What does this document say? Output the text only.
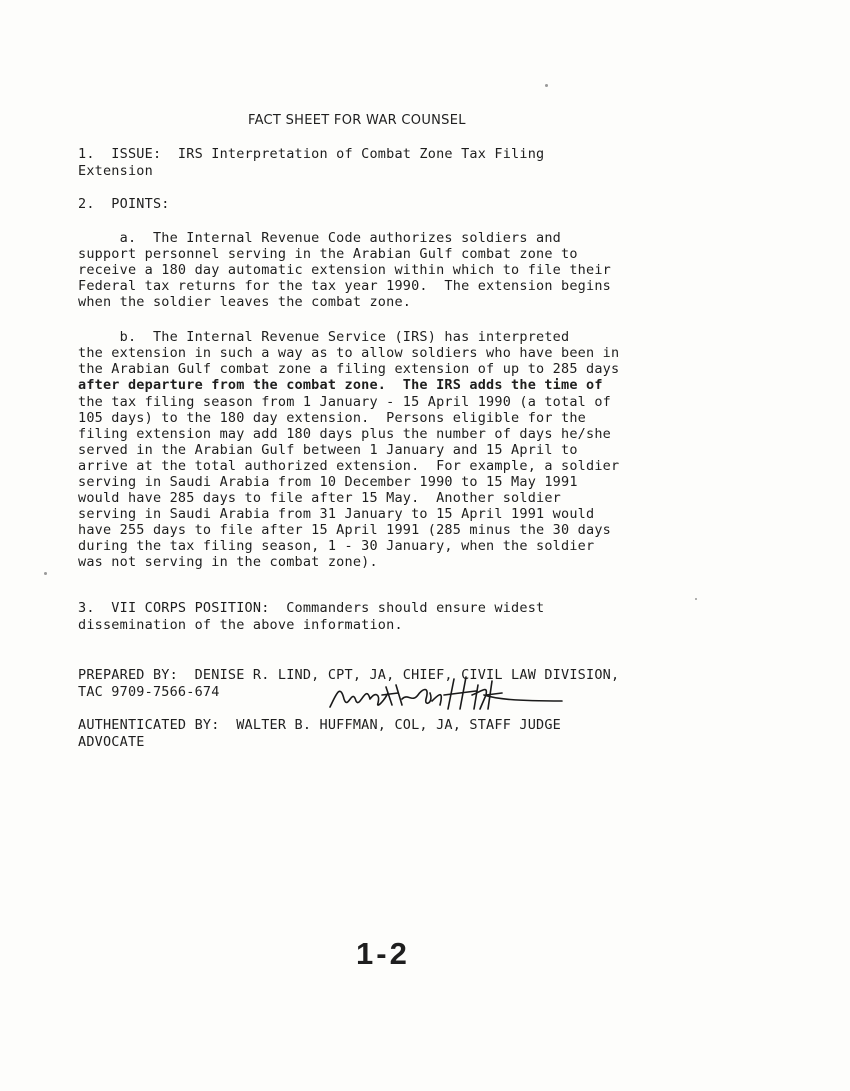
FACT SHEET FOR WAR COUNSEL
1.  ISSUE:  IRS Interpretation of Combat Zone Tax Filing
Extension
2.  POINTS:
a.  The Internal Revenue Code authorizes soldiers and
support personnel serving in the Arabian Gulf combat zone to
receive a 180 day automatic extension within which to file their
Federal tax returns for the tax year 1990.  The extension begins
when the soldier leaves the combat zone.
b.  The Internal Revenue Service (IRS) has interpreted
the extension in such a way as to allow soldiers who have been in
the Arabian Gulf combat zone a filing extension of up to 285 days
after departure from the combat zone.  The IRS adds the time of
the tax filing season from 1 January - 15 April 1990 (a total of
105 days) to the 180 day extension.  Persons eligible for the
filing extension may add 180 days plus the number of days he/she
served in the Arabian Gulf between 1 January and 15 April to
arrive at the total authorized extension.  For example, a soldier
serving in Saudi Arabia from 10 December 1990 to 15 May 1991
would have 285 days to file after 15 May.  Another soldier
serving in Saudi Arabia from 31 January to 15 April 1991 would
have 255 days to file after 15 April 1991 (285 minus the 30 days
during the tax filing season, 1 - 30 January, when the soldier
was not serving in the combat zone).
3.  VII CORPS POSITION:  Commanders should ensure widest
dissemination of the above information.
PREPARED BY:  DENISE R. LIND, CPT, JA, CHIEF, CIVIL LAW DIVISION,
TAC 9709-7566-674
AUTHENTICATED BY:  WALTER B. HUFFMAN, COL, JA, STAFF JUDGE
ADVOCATE
1-2
